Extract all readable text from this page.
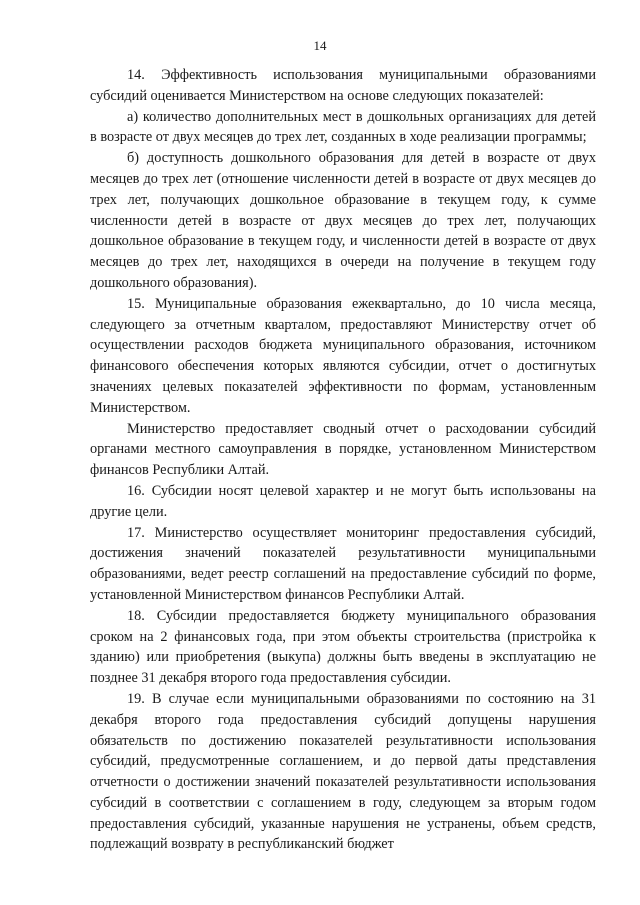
14

14. Эффективность использования муниципальными образованиями субсидий оценивается Министерством на основе следующих показателей:

а) количество дополнительных мест в дошкольных организациях для детей в возрасте от двух месяцев до трех лет, созданных в ходе реализации программы;

б) доступность дошкольного образования для детей в возрасте от двух месяцев до трех лет (отношение численности детей в возрасте от двух месяцев до трех лет, получающих дошкольное образование в текущем году, к сумме численности детей в возрасте от двух месяцев до трех лет, получающих дошкольное образование в текущем году, и численности детей в возрасте от двух месяцев до трех лет, находящихся в очереди на получение в текущем году дошкольного образования).

15. Муниципальные образования ежеквартально, до 10 числа месяца, следующего за отчетным кварталом, предоставляют Министерству отчет об осуществлении расходов бюджета муниципального образования, источником финансового обеспечения которых являются субсидии, отчет о достигнутых значениях целевых показателей эффективности по формам, установленным Министерством.

Министерство предоставляет сводный отчет о расходовании субсидий органами местного самоуправления в порядке, установленном Министерством финансов Республики Алтай.

16. Субсидии носят целевой характер и не могут быть использованы на другие цели.

17. Министерство осуществляет мониторинг предоставления субсидий, достижения значений показателей результативности муниципальными образованиями, ведет реестр соглашений на предоставление субсидий по форме, установленной Министерством финансов Республики Алтай.

18. Субсидии предоставляется бюджету муниципального образования сроком на 2 финансовых года, при этом объекты строительства (пристройка к зданию) или приобретения (выкупа) должны быть введены в эксплуатацию не позднее 31 декабря второго года предоставления субсидии.

19. В случае если муниципальными образованиями по состоянию на 31 декабря второго года предоставления субсидий допущены нарушения обязательств по достижению показателей результативности использования субсидий, предусмотренные соглашением, и до первой даты представления отчетности о достижении значений показателей результативности использования субсидий в соответствии с соглашением в году, следующем за вторым годом предоставления субсидий, указанные нарушения не устранены, объем средств, подлежащий возврату в республиканский бюджет
